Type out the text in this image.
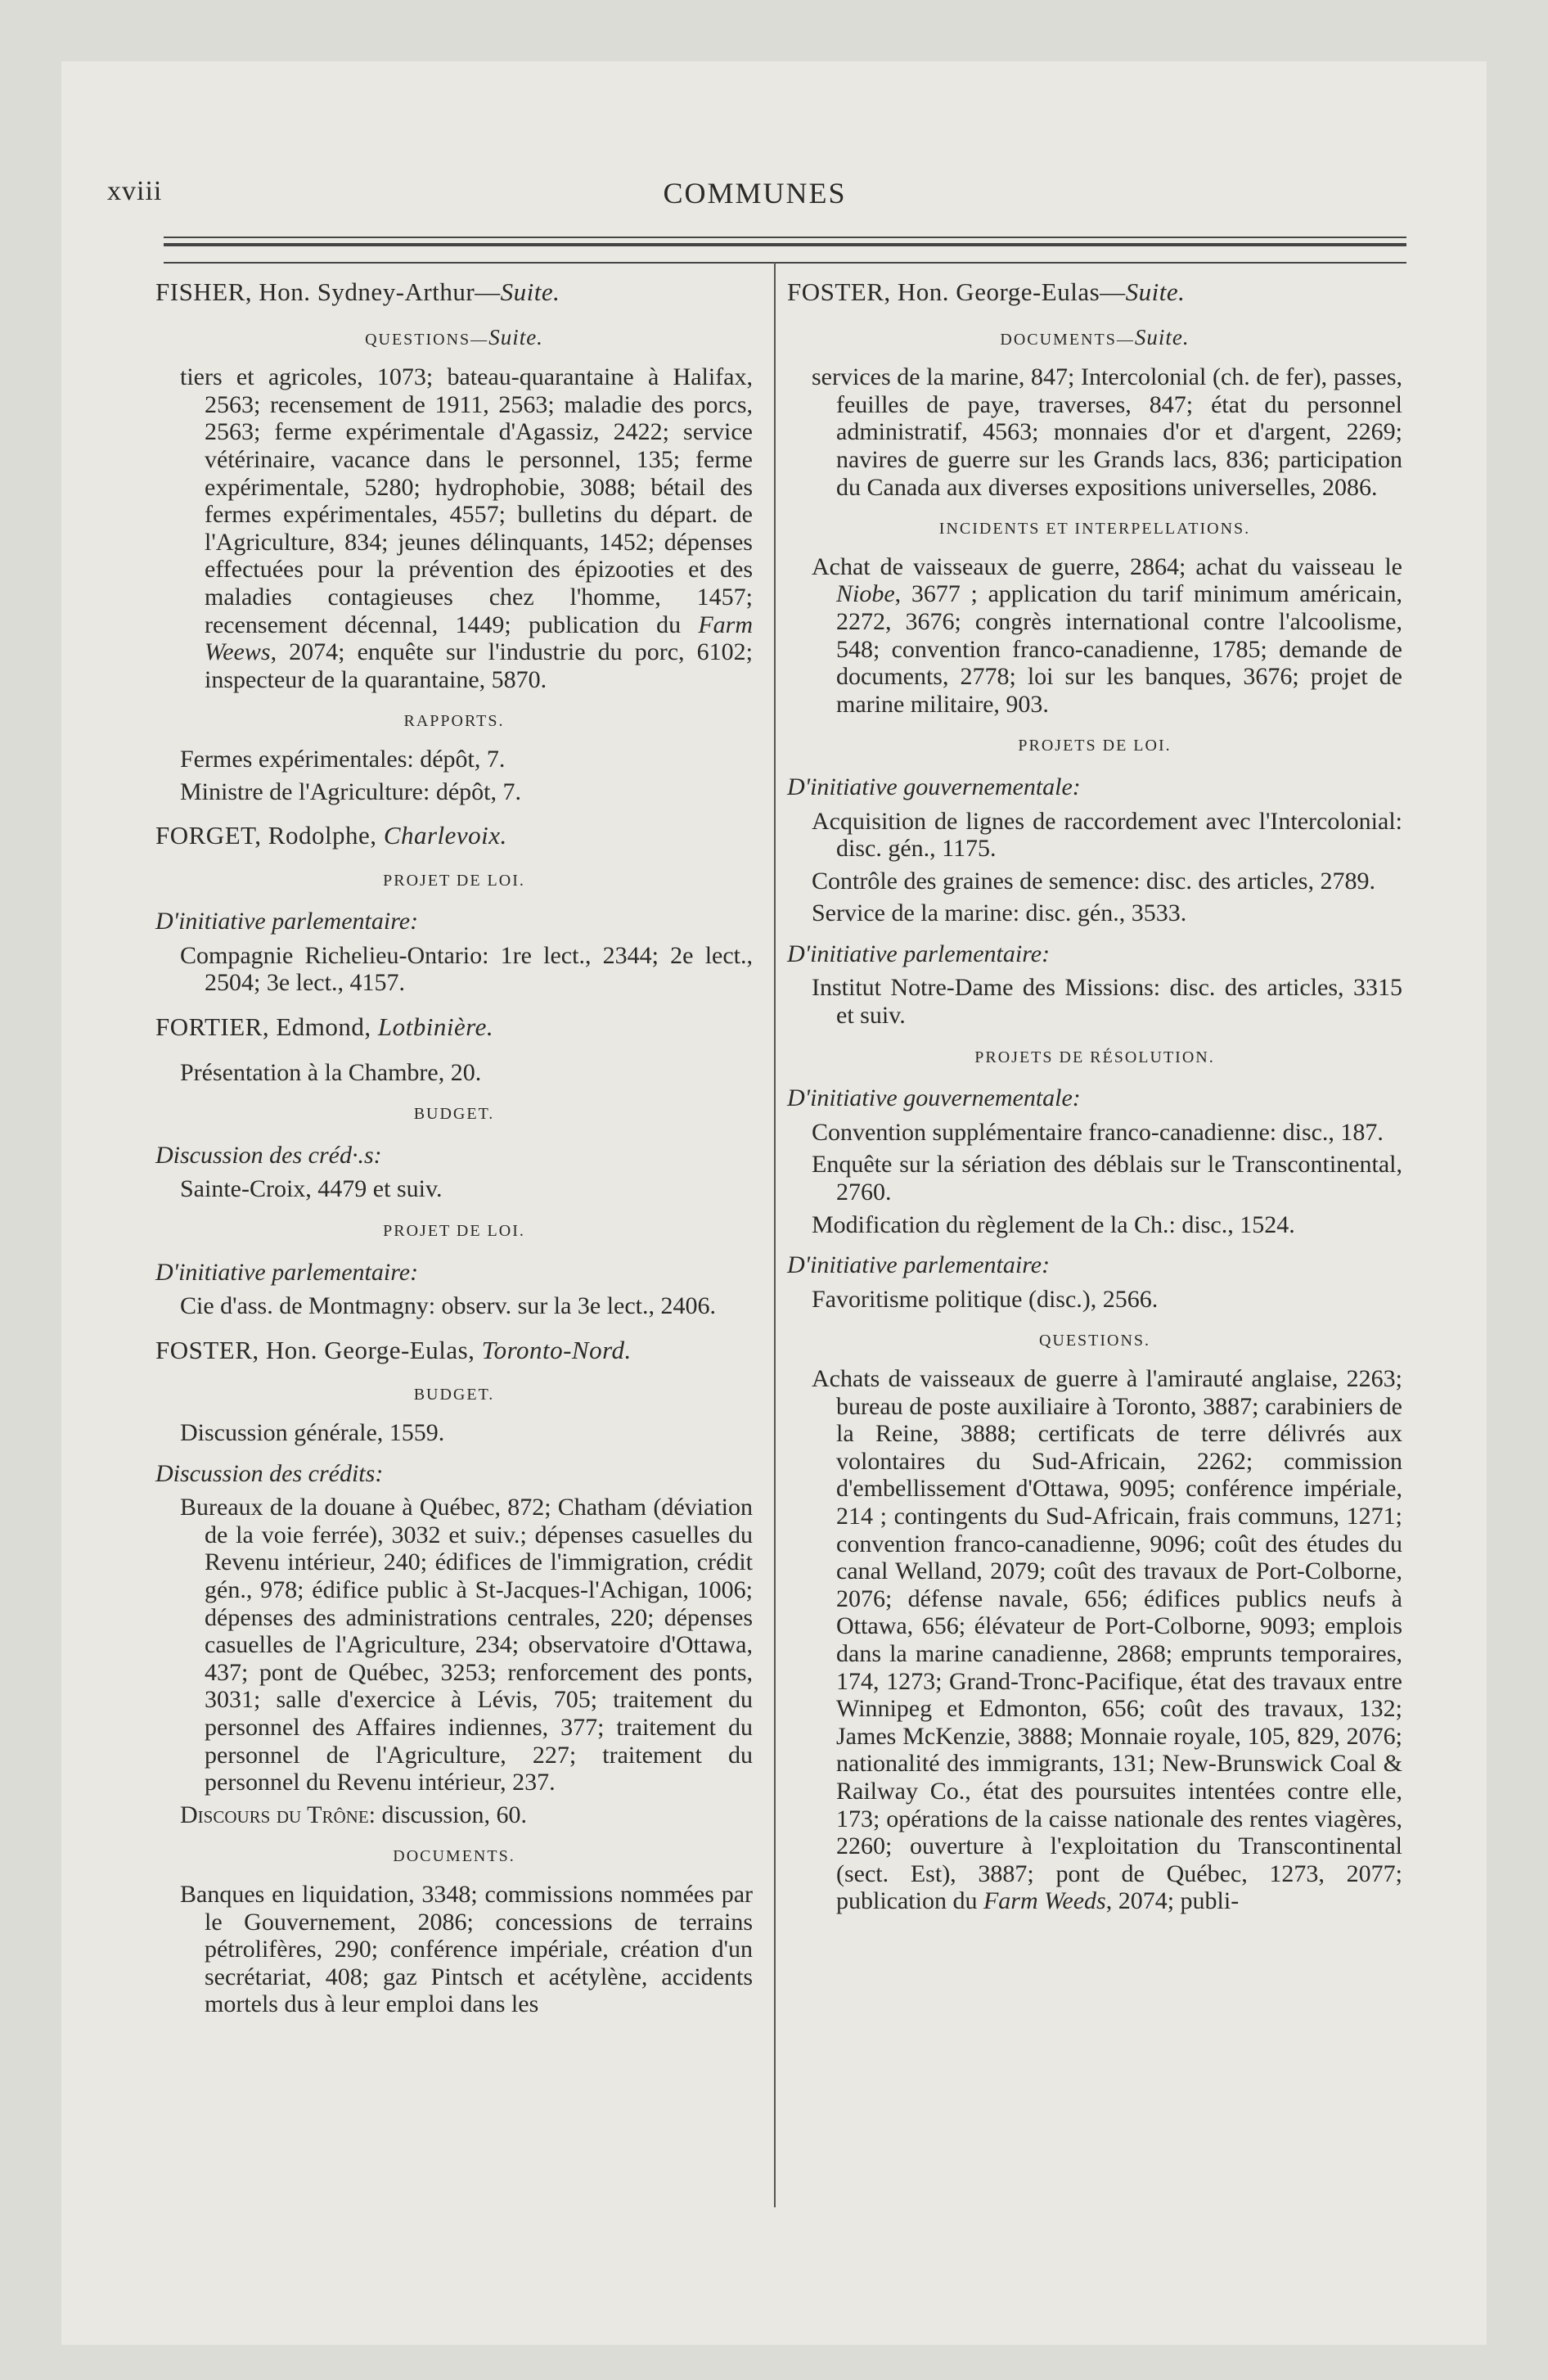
xviii	COMMUNES
FISHER, Hon. Sydney-Arthur—Suite.
QUESTIONS—Suite.

tiers et agricoles, 1073; bateau-quarantaine à Halifax, 2563; recensement de 1911, 2563; maladie des porcs, 2563; ferme expérimentale d'Agassiz, 2422; service vétérinaire, vacance dans le personnel, 135; ferme expérimentale, 5280; hydrophobie, 3088; bétail des fermes expérimentales, 4557; bulletins du départ. de l'Agriculture, 834; jeunes délinquants, 1452; dépenses effectuées pour la prévention des épizooties et des maladies contagieuses chez l'homme, 1457; recensement décennal, 1449; publication du Farm Weews, 2074; enquête sur l'industrie du porc, 6102; inspecteur de la quarantaine, 5870.

RAPPORTS.

Fermes expérimentales: dépôt, 7.

Ministre de l'Agriculture: dépôt, 7.

FORGET, Rodolphe, Charlevoix.
PROJET DE LOI.
D'initiative parlementaire:

Compagnie Richelieu-Ontario: 1re lect., 2344; 2e lect., 2504; 3e lect., 4157.

FORTIER, Edmond, Lotbinière.

Présentation à la Chambre, 20.

BUDGET.
Discussion des créd·.s:

Sainte-Croix, 4479 et suiv.

PROJET DE LOI.
D'initiative parlementaire:

Cie d'ass. de Montmagny: observ. sur la 3e lect., 2406.

FOSTER, Hon. George-Eulas, Toronto-Nord.
BUDGET.

Discussion générale, 1559.

Discussion des crédits:

Bureaux de la douane à Québec, 872; Chatham (déviation de la voie ferrée), 3032 et suiv.; dépenses casuelles du Revenu intérieur, 240; édifices de l'immigration, crédit gén., 978; édifice public à St-Jacques-l'Achigan, 1006; dépenses des administrations centrales, 220; dépenses casuelles de l'Agriculture, 234; observatoire d'Ottawa, 437; pont de Québec, 3253; renforcement des ponts, 3031; salle d'exercice à Lévis, 705; traitement du personnel des Affaires indiennes, 377; traitement du personnel de l'Agriculture, 227; traitement du personnel du Revenu intérieur, 237.

Discours du Trône: discussion, 60.

DOCUMENTS.

Banques en liquidation, 3348; commissions nommées par le Gouvernement, 2086; concessions de terrains pétrolifères, 290; conférence impériale, création d'un secrétariat, 408; gaz Pintsch et acétylène, accidents mortels dus à leur emploi dans les

FOSTER, Hon. George-Eulas—Suite.
DOCUMENTS—Suite.

services de la marine, 847; Intercolonial (ch. de fer), passes, feuilles de paye, traverses, 847; état du personnel administratif, 4563; monnaies d'or et d'argent, 2269; navires de guerre sur les Grands lacs, 836; participation du Canada aux diverses expositions universelles, 2086.

INCIDENTS ET INTERPELLATIONS.

Achat de vaisseaux de guerre, 2864; achat du vaisseau le Niobe, 3677 ; application du tarif minimum américain, 2272, 3676; congrès international contre l'alcoolisme, 548; convention franco-canadienne, 1785; demande de documents, 2778; loi sur les banques, 3676; projet de marine militaire, 903.

PROJETS DE LOI.
D'initiative gouvernementale:

Acquisition de lignes de raccordement avec l'Intercolonial: disc. gén., 1175.

Contrôle des graines de semence: disc. des articles, 2789.

Service de la marine: disc. gén., 3533.

D'initiative parlementaire:

Institut Notre-Dame des Missions: disc. des articles, 3315 et suiv.

PROJETS DE RÉSOLUTION.
D'initiative gouvernementale:

Convention supplémentaire franco-canadienne: disc., 187.

Enquête sur la sériation des déblais sur le Transcontinental, 2760.

Modification du règlement de la Ch.: disc., 1524.

D'initiative parlementaire:

Favoritisme politique (disc.), 2566.

QUESTIONS.

Achats de vaisseaux de guerre à l'amirauté anglaise, 2263; bureau de poste auxiliaire à Toronto, 3887; carabiniers de la Reine, 3888; certificats de terre délivrés aux volontaires du Sud-Africain, 2262; commission d'embellissement d'Ottawa, 9095; conférence impériale, 214 ; contingents du Sud-Africain, frais communs, 1271; convention franco-canadienne, 9096; coût des études du canal Welland, 2079; coût des travaux de Port-Colborne, 2076; défense navale, 656; édifices publics neufs à Ottawa, 656; élévateur de Port-Colborne, 9093; emplois dans la marine canadienne, 2868; emprunts temporaires, 174, 1273; Grand-Tronc-Pacifique, état des travaux entre Winnipeg et Edmonton, 656; coût des travaux, 132; James McKenzie, 3888; Monnaie royale, 105, 829, 2076; nationalité des immigrants, 131; New-Brunswick Coal & Railway Co., état des poursuites intentées contre elle, 173; opérations de la caisse nationale des rentes viagères, 2260; ouverture à l'exploitation du Transcontinental (sect. Est), 3887; pont de Québec, 1273, 2077; publication du Farm Weeds, 2074; publi-
